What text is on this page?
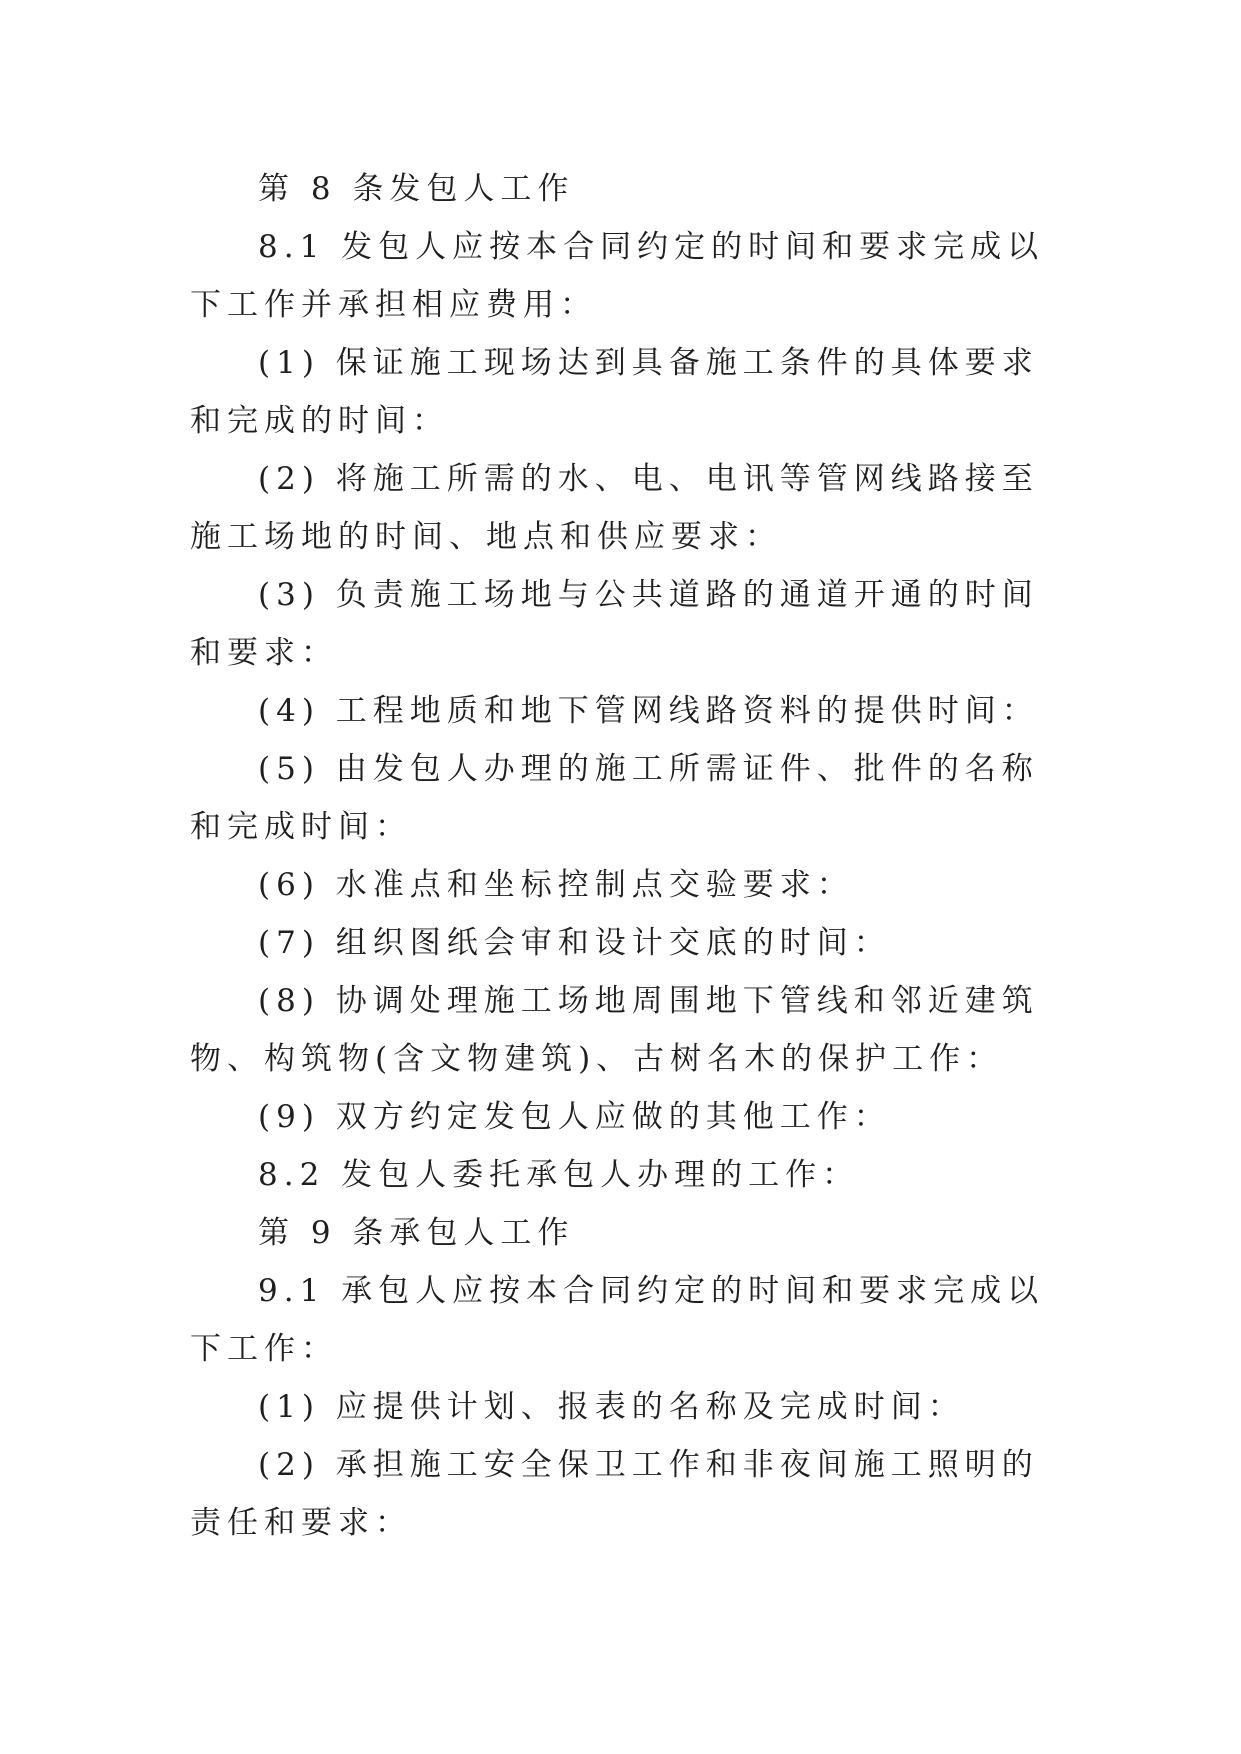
第 8 条发包人工作

8.1 发包人应按本合同约定的时间和要求完成以下工作并承担相应费用：

(1) 保证施工现场达到具备施工条件的具体要求和完成的时间：

(2) 将施工所需的水、电、电讯等管网线路接至施工场地的时间、地点和供应要求：

(3) 负责施工场地与公共道路的通道开通的时间和要求：

(4) 工程地质和地下管网线路资料的提供时间：

(5) 由发包人办理的施工所需证件、批件的名称和完成时间：

(6) 水准点和坐标控制点交验要求：

(7) 组织图纸会审和设计交底的时间：

(8) 协调处理施工场地周围地下管线和邻近建筑物、构筑物(含文物建筑)、古树名木的保护工作：

(9) 双方约定发包人应做的其他工作：

8.2 发包人委托承包人办理的工作：

第 9 条承包人工作

9.1 承包人应按本合同约定的时间和要求完成以下工作：

(1) 应提供计划、报表的名称及完成时间：

(2) 承担施工安全保卫工作和非夜间施工照明的责任和要求：
